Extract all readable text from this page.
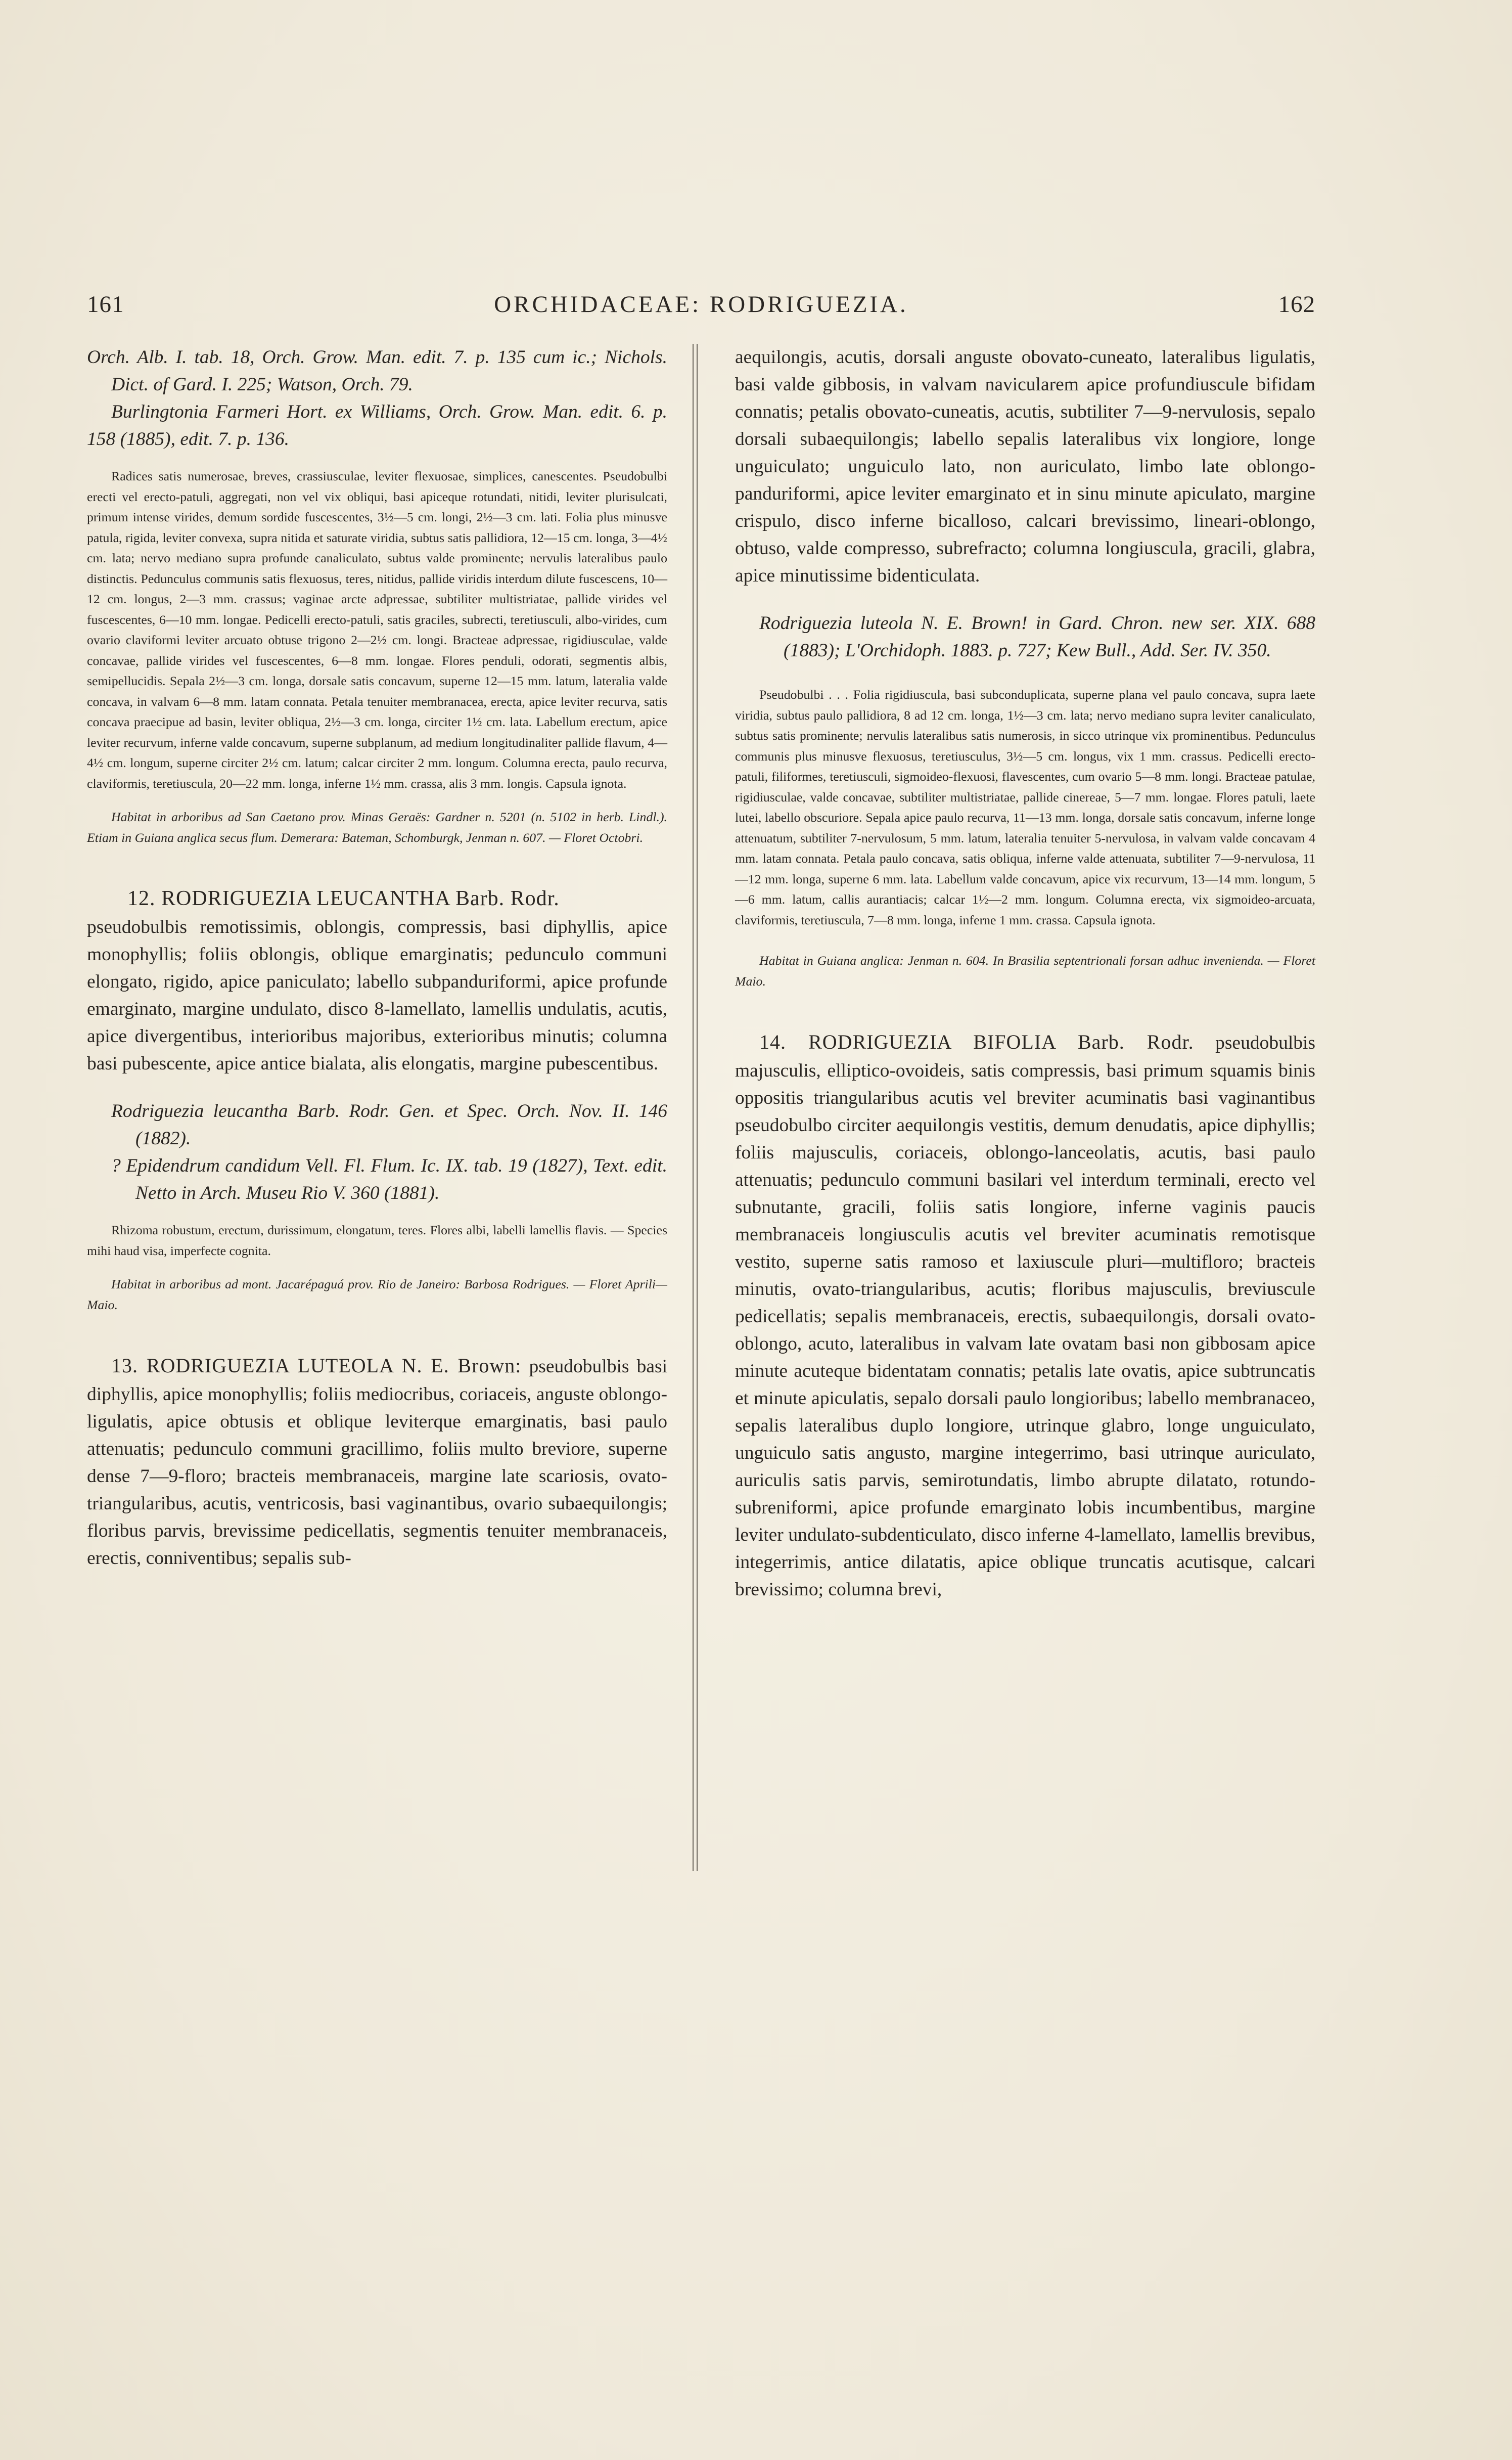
161	ORCHIDACEAE: RODRIGUEZIA.	162

Orch. Alb. I. tab. 18, Orch. Grow. Man. edit. 7. p. 135 cum ic.; Nichols. Dict. of Gard. I. 225; Watson, Orch. 79.

Burlingtonia Farmeri Hort. ex Williams, Orch. Grow. Man. edit. 6. p. 158 (1885), edit. 7. p. 136.

Radices satis numerosae, breves, crassiusculae, leviter flexuosae, simplices, canescentes. Pseudobulbi erecti vel erecto-patuli, aggregati, non vel vix obliqui, basi apiceque rotundati, nitidi, leviter plurisulcati, primum intense virides, demum sordide fuscescentes, 3½—5 cm. longi, 2½—3 cm. lati. Folia plus minusve patula, rigida, leviter convexa, supra nitida et saturate viridia, subtus satis pallidiora, 12—15 cm. longa, 3—4½ cm. lata; nervo mediano supra profunde canaliculato, subtus valde prominente; nervulis lateralibus paulo distinctis. Pedunculus communis satis flexuosus, teres, nitidus, pallide viridis interdum dilute fuscescens, 10—12 cm. longus, 2—3 mm. crassus; vaginae arcte adpressae, subtiliter multistriatae, pallide virides vel fuscescentes, 6—10 mm. longae. Pedicelli erecto-patuli, satis graciles, subrecti, teretiusculi, albo-virides, cum ovario claviformi leviter arcuato obtuse trigono 2—2½ cm. longi. Bracteae adpressae, rigidiusculae, valde concavae, pallide virides vel fuscescentes, 6—8 mm. longae. Flores penduli, odorati, segmentis albis, semipellucidis. Sepala 2½—3 cm. longa, dorsale satis concavum, superne 12—15 mm. latum, lateralia valde concava, in valvam 6—8 mm. latam connata. Petala tenuiter membranacea, erecta, apice leviter recurva, satis concava praecipue ad basin, leviter obliqua, 2½—3 cm. longa, circiter 1½ cm. lata. Labellum erectum, apice leviter recurvum, inferne valde concavum, superne subplanum, ad medium longitudinaliter pallide flavum, 4—4½ cm. longum, superne circiter 2½ cm. latum; calcar circiter 2 mm. longum. Columna erecta, paulo recurva, claviformis, teretiuscula, 20—22 mm. longa, inferne 1½ mm. crassa, alis 3 mm. longis. Capsula ignota.

Habitat in arboribus ad San Caetano prov. Minas Geraës: Gardner n. 5201 (n. 5102 in herb. Lindl.). Etiam in Guiana anglica secus flum. Demerara: Bateman, Schomburgk, Jenman n. 607. — Floret Octobri.

12. RODRIGUEZIA LEUCANTHA Barb. Rodr.

pseudobulbis remotissimis, oblongis, compressis, basi diphyllis, apice monophyllis; foliis oblongis, oblique emarginatis; pedunculo communi elongato, rigido, apice paniculato; labello subpanduriformi, apice profunde emarginato, margine undulato, disco 8-lamellato, lamellis undulatis, acutis, apice divergentibus, interioribus majoribus, exterioribus minutis; columna basi pubescente, apice antice bialata, alis elongatis, margine pubescentibus.

Rodriguezia leucantha Barb. Rodr. Gen. et Spec. Orch. Nov. II. 146 (1882).

? Epidendrum candidum Vell. Fl. Flum. Ic. IX. tab. 19 (1827), Text. edit. Netto in Arch. Museu Rio V. 360 (1881).

Rhizoma robustum, erectum, durissimum, elongatum, teres. Flores albi, labelli lamellis flavis. — Species mihi haud visa, imperfecte cognita.

Habitat in arboribus ad mont. Jacarépaguá prov. Rio de Janeiro: Barbosa Rodrigues. — Floret Aprili—Maio.

13. RODRIGUEZIA LUTEOLA N. E. Brown: pseudobulbis basi diphyllis, apice monophyllis; foliis mediocribus, coriaceis, anguste oblongo-ligulatis, apice obtusis et oblique leviterque emarginatis, basi paulo attenuatis; pedunculo communi gracillimo, foliis multo breviore, superne dense 7—9-floro; bracteis membranaceis, margine late scariosis, ovato-triangularibus, acutis, ventricosis, basi vaginantibus, ovario subaequilongis; floribus parvis, brevissime pedicellatis, segmentis tenuiter membranaceis, erectis, conniventibus; sepalis sub-

aequilongis, acutis, dorsali anguste obovato-cuneato, lateralibus ligulatis, basi valde gibbosis, in valvam navicularem apice profundiuscule bifidam connatis; petalis obovato-cuneatis, acutis, subtiliter 7—9-nervulosis, sepalo dorsali subaequilongis; labello sepalis lateralibus vix longiore, longe unguiculato; unguiculo lato, non auriculato, limbo late oblongo-panduriformi, apice leviter emarginato et in sinu minute apiculato, margine crispulo, disco inferne bicalloso, calcari brevissimo, lineari-oblongo, obtuso, valde compresso, subrefracto; columna longiuscula, gracili, glabra, apice minutissime bidenticulata.

Rodriguezia luteola N. E. Brown! in Gard. Chron. new ser. XIX. 688 (1883); L'Orchidoph. 1883. p. 727; Kew Bull., Add. Ser. IV. 350.

Pseudobulbi . . . Folia rigidiuscula, basi subconduplicata, superne plana vel paulo concava, supra laete viridia, subtus paulo pallidiora, 8 ad 12 cm. longa, 1½—3 cm. lata; nervo mediano supra leviter canaliculato, subtus satis prominente; nervulis lateralibus satis numerosis, in sicco utrinque vix prominentibus. Pedunculus communis plus minusve flexuosus, teretiusculus, 3½—5 cm. longus, vix 1 mm. crassus. Pedicelli erecto-patuli, filiformes, teretiusculi, sigmoideo-flexuosi, flavescentes, cum ovario 5—8 mm. longi. Bracteae patulae, rigidiusculae, valde concavae, subtiliter multistriatae, pallide cinereae, 5—7 mm. longae. Flores patuli, laete lutei, labello obscuriore. Sepala apice paulo recurva, 11—13 mm. longa, dorsale satis concavum, inferne longe attenuatum, subtiliter 7-nervulosum, 5 mm. latum, lateralia tenuiter 5-nervulosa, in valvam valde concavam 4 mm. latam connata. Petala paulo concava, satis obliqua, inferne valde attenuata, subtiliter 7—9-nervulosa, 11—12 mm. longa, superne 6 mm. lata. Labellum valde concavum, apice vix recurvum, 13—14 mm. longum, 5—6 mm. latum, callis aurantiacis; calcar 1½—2 mm. longum. Columna erecta, vix sigmoideo-arcuata, claviformis, teretiuscula, 7—8 mm. longa, inferne 1 mm. crassa. Capsula ignota.

Habitat in Guiana anglica: Jenman n. 604. In Brasilia septentrionali forsan adhuc invenienda. — Floret Maio.

14. RODRIGUEZIA BIFOLIA Barb. Rodr. pseudobulbis majusculis, elliptico-ovoideis, satis compressis, basi primum squamis binis oppositis triangularibus acutis vel breviter acuminatis basi vaginantibus pseudobulbo circiter aequilongis vestitis, demum denudatis, apice diphyllis; foliis majusculis, coriaceis, oblongo-lanceolatis, acutis, basi paulo attenuatis; pedunculo communi basilari vel interdum terminali, erecto vel subnutante, gracili, foliis satis longiore, inferne vaginis paucis membranaceis longiusculis acutis vel breviter acuminatis remotisque vestito, superne satis ramoso et laxiuscule pluri—multifloro; bracteis minutis, ovato-triangularibus, acutis; floribus majusculis, breviuscule pedicellatis; sepalis membranaceis, erectis, subaequilongis, dorsali ovato-oblongo, acuto, lateralibus in valvam late ovatam basi non gibbosam apice minute acuteque bidentatam connatis; petalis late ovatis, apice subtruncatis et minute apiculatis, sepalo dorsali paulo longioribus; labello membranaceo, sepalis lateralibus duplo longiore, utrinque glabro, longe unguiculato, unguiculo satis angusto, margine integerrimo, basi utrinque auriculato, auriculis satis parvis, semirotundatis, limbo abrupte dilatato, rotundo-subreniformi, apice profunde emarginato lobis incumbentibus, margine leviter undulato-subdenticulato, disco inferne 4-lamellato, lamellis brevibus, integerrimis, antice dilatatis, apice oblique truncatis acutisque, calcari brevissimo; columna brevi,
